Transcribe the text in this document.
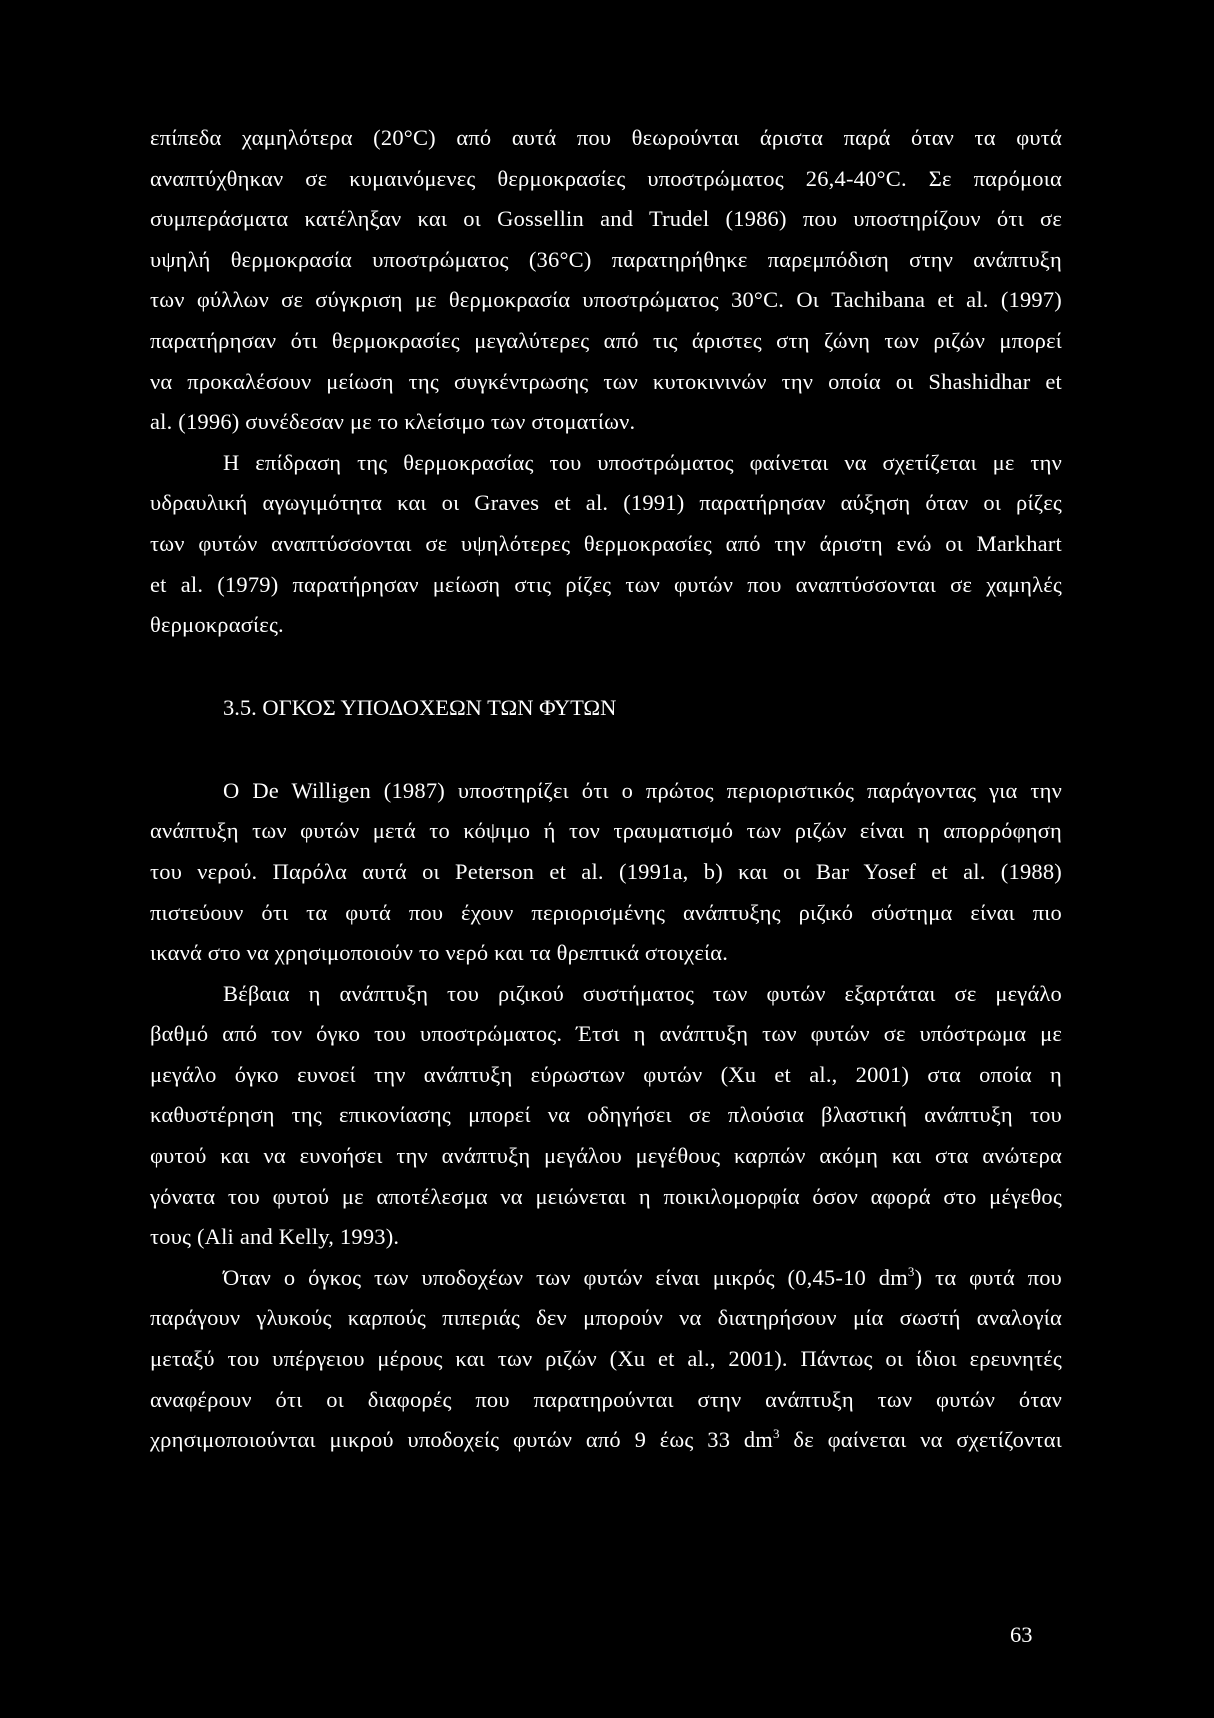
επίπεδα χαμηλότερα (20°C) από αυτά που θεωρούνται άριστα παρά όταν τα φυτά
αναπτύχθηκαν σε κυμαινόμενες θερμοκρασίες υποστρώματος 26,4-40°C. Σε παρόμοια
συμπεράσματα κατέληξαν και οι Gossellin and Trudel (1986) που υποστηρίζουν ότι σε
υψηλή θερμοκρασία υποστρώματος (36°C) παρατηρήθηκε παρεμπόδιση στην ανάπτυξη
των φύλλων σε σύγκριση με θερμοκρασία υποστρώματος 30°C. Οι Tachibana et al. (1997)
παρατήρησαν ότι θερμοκρασίες μεγαλύτερες από τις άριστες στη ζώνη των ριζών μπορεί
να προκαλέσουν μείωση της συγκέντρωσης των κυτοκινινών την οποία οι Shashidhar et
al. (1996) συνέδεσαν με το κλείσιμο των στοματίων.
Η επίδραση της θερμοκρασίας του υποστρώματος φαίνεται να σχετίζεται με την
υδραυλική αγωγιμότητα και οι Graves et al. (1991) παρατήρησαν αύξηση όταν οι ρίζες
των φυτών αναπτύσσονται σε υψηλότερες θερμοκρασίες από την άριστη ενώ οι Markhart
et al. (1979) παρατήρησαν μείωση στις ρίζες των φυτών που αναπτύσσονται σε χαμηλές
θερμοκρασίες.
3.5. ΟΓΚΟΣ ΥΠΟΔΟΧΕΩΝ ΤΩΝ ΦΥΤΩΝ
Ο De Willigen (1987) υποστηρίζει ότι ο πρώτος περιοριστικός παράγοντας για την
ανάπτυξη των φυτών μετά το κόψιμο ή τον τραυματισμό των ριζών είναι η απορρόφηση
του νερού. Παρόλα αυτά οι Peterson et al. (1991a, b) και οι Bar Yosef et al. (1988)
πιστεύουν ότι τα φυτά που έχουν περιορισμένης ανάπτυξης ριζικό σύστημα είναι πιο
ικανά στο να χρησιμοποιούν το νερό και τα θρεπτικά στοιχεία.
Βέβαια η ανάπτυξη του ριζικού συστήματος των φυτών εξαρτάται σε μεγάλο
βαθμό από τον όγκο του υποστρώματος. Έτσι η ανάπτυξη των φυτών σε υπόστρωμα με
μεγάλο όγκο ευνοεί την ανάπτυξη εύρωστων φυτών (Xu et al., 2001) στα οποία η
καθυστέρηση της επικονίασης μπορεί να οδηγήσει σε πλούσια βλαστική ανάπτυξη του
φυτού και να ευνοήσει την ανάπτυξη μεγάλου μεγέθους καρπών ακόμη και στα ανώτερα
γόνατα του φυτού με αποτέλεσμα να μειώνεται η ποικιλομορφία όσον αφορά στο μέγεθος
τους (Ali and Kelly, 1993).
Όταν ο όγκος των υποδοχέων των φυτών είναι μικρός (0,45-10 $dm^3$) τα φυτά που
παράγουν γλυκούς καρπούς πιπεριάς δεν μπορούν να διατηρήσουν μία σωστή αναλογία
μεταξύ του υπέργειου μέρους και των ριζών (Xu et al., 2001). Πάντως οι ίδιοι ερευνητές
αναφέρουν ότι οι διαφορές που παρατηρούνται στην ανάπτυξη των φυτών όταν
χρησιμοποιούνται μικρού υποδοχείς φυτών από 9 έως 33 $dm^3$ δε φαίνεται να σχετίζονται
63
